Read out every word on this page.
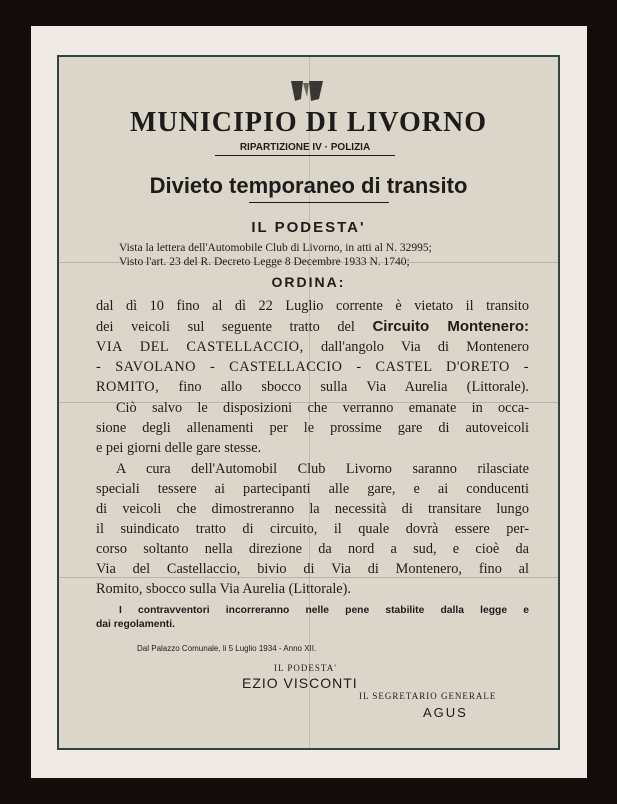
MUNICIPIO DI LIVORNO
RIPARTIZIONE IV · POLIZIA
Divieto temporaneo di transito
IL PODESTA'
Vista la lettera dell'Automobile Club di Livorno, in atti al N. 32995;
Visto l'art. 23 del R. Decreto Legge 8 Decembre 1933 N. 1740;
ORDINA:
dal dì 10 fino al dì 22 Luglio corrente è vietato il transito
dei veicoli sul seguente tratto del Circuito Montenero:
VIA DEL CASTELLACCIO, dall'angolo Via di Montenero
- SAVOLANO - CASTELLACCIO - CASTEL D'ORETO -
ROMITO, fino allo sbocco sulla Via Aurelia (Littorale).
Ciò salvo le disposizioni che verranno emanate in occa-
sione degli allenamenti per le prossime gare di autoveicoli
e pei giorni delle gare stesse.
A cura dell'Automobil Club Livorno saranno rilasciate
speciali tessere ai partecipanti alle gare, e ai conducenti
di veicoli che dimostreranno la necessità di transitare lungo
il suindicato tratto di circuito, il quale dovrà essere per-
corso soltanto nella direzione da nord a sud, e cioè da
Via del Castellaccio, bivio di Via di Montenero, fino al
Romito, sbocco sulla Via Aurelia (Littorale).
I contravventori incorreranno nelle pene stabilite dalla legge e
dai regolamenti.
Dal Palazzo Comunale, li 5 Luglio 1934 - Anno XII.
IL PODESTA'
EZIO VISCONTI
IL SEGRETARIO GENERALE
AGUS
